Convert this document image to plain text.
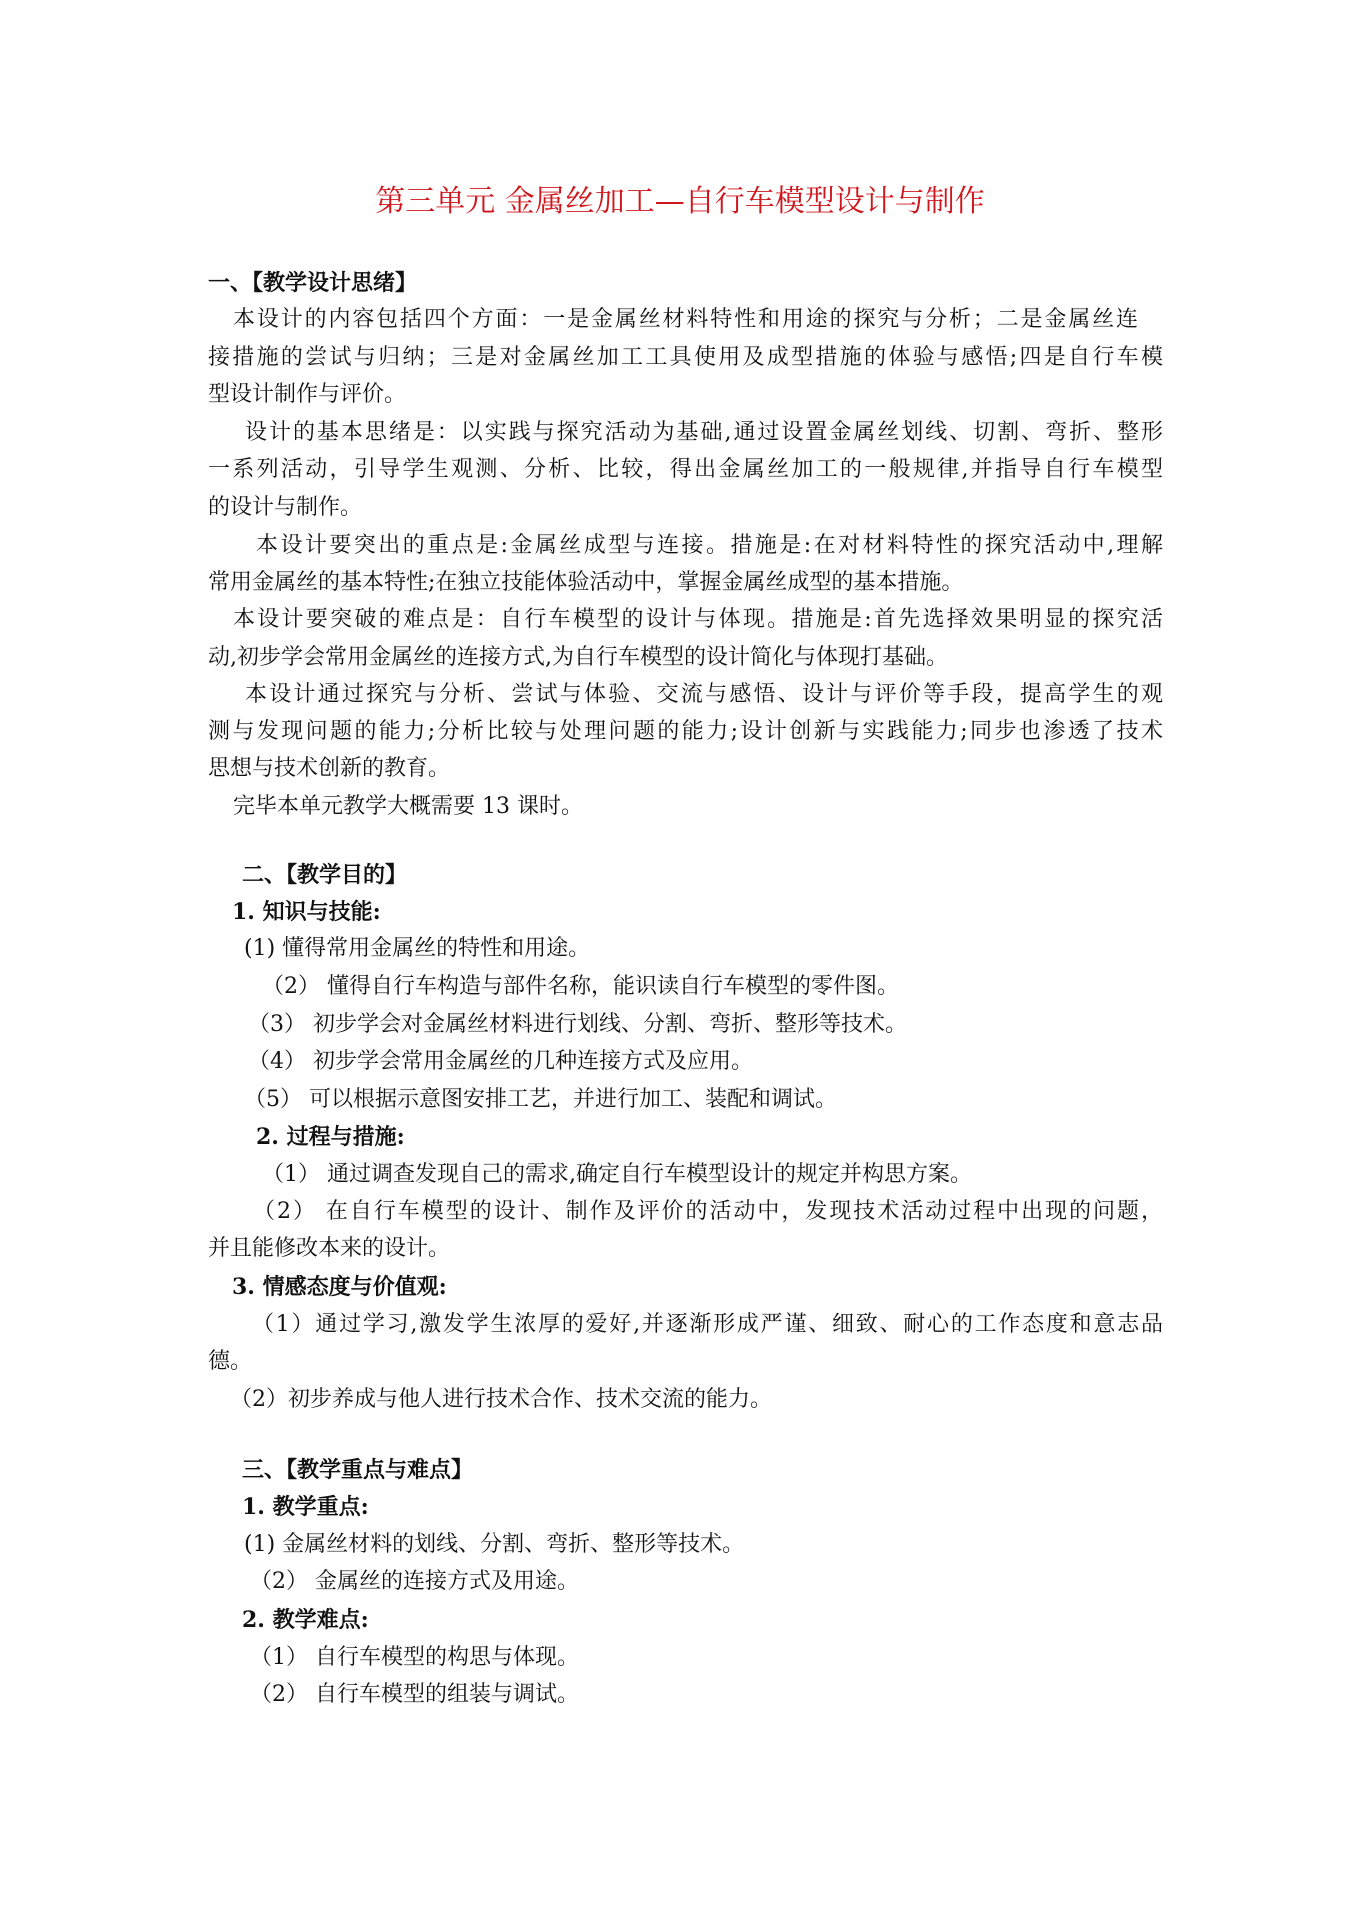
第三单元 金属丝加工—自行车模型设计与制作
一、【教学设计思绪】
本设计的内容包括四个方面：一是金属丝材料特性和用途的探究与分析；二是金属丝连
接措施的尝试与归纳；三是对金属丝加工工具使用及成型措施的体验与感悟;四是自行车模
型设计制作与评价。
设计的基本思绪是：以实践与探究活动为基础,通过设置金属丝划线、切割、弯折、整形
一系列活动，引导学生观测、分析、比较，得出金属丝加工的一般规律,并指导自行车模型
的设计与制作。
本设计要突出的重点是:金属丝成型与连接。措施是:在对材料特性的探究活动中,理解
常用金属丝的基本特性;在独立技能体验活动中，掌握金属丝成型的基本措施。
本设计要突破的难点是：自行车模型的设计与体现。措施是:首先选择效果明显的探究活
动,初步学会常用金属丝的连接方式,为自行车模型的设计简化与体现打基础。
本设计通过探究与分析、尝试与体验、交流与感悟、设计与评价等手段，提高学生的观
测与发现问题的能力;分析比较与处理问题的能力;设计创新与实践能力;同步也渗透了技术
思想与技术创新的教育。
完毕本单元教学大概需要 13 课时。
二、【教学目的】
1. 知识与技能:
(1) 懂得常用金属丝的特性和用途。
（2） 懂得自行车构造与部件名称，能识读自行车模型的零件图。
（3） 初步学会对金属丝材料进行划线、分割、弯折、整形等技术。
（4） 初步学会常用金属丝的几种连接方式及应用。
（5） 可以根据示意图安排工艺，并进行加工、装配和调试。
2. 过程与措施:
（1） 通过调查发现自己的需求,确定自行车模型设计的规定并构思方案。
（2） 在自行车模型的设计、制作及评价的活动中，发现技术活动过程中出现的问题，
并且能修改本来的设计。
3. 情感态度与价值观:
（1）通过学习,激发学生浓厚的爱好,并逐渐形成严谨、细致、耐心的工作态度和意志品
德。
（2）初步养成与他人进行技术合作、技术交流的能力。
三、【教学重点与难点】
1. 教学重点:
(1) 金属丝材料的划线、分割、弯折、整形等技术。
（2） 金属丝的连接方式及用途。
2. 教学难点:
（1） 自行车模型的构思与体现。
（2） 自行车模型的组装与调试。
